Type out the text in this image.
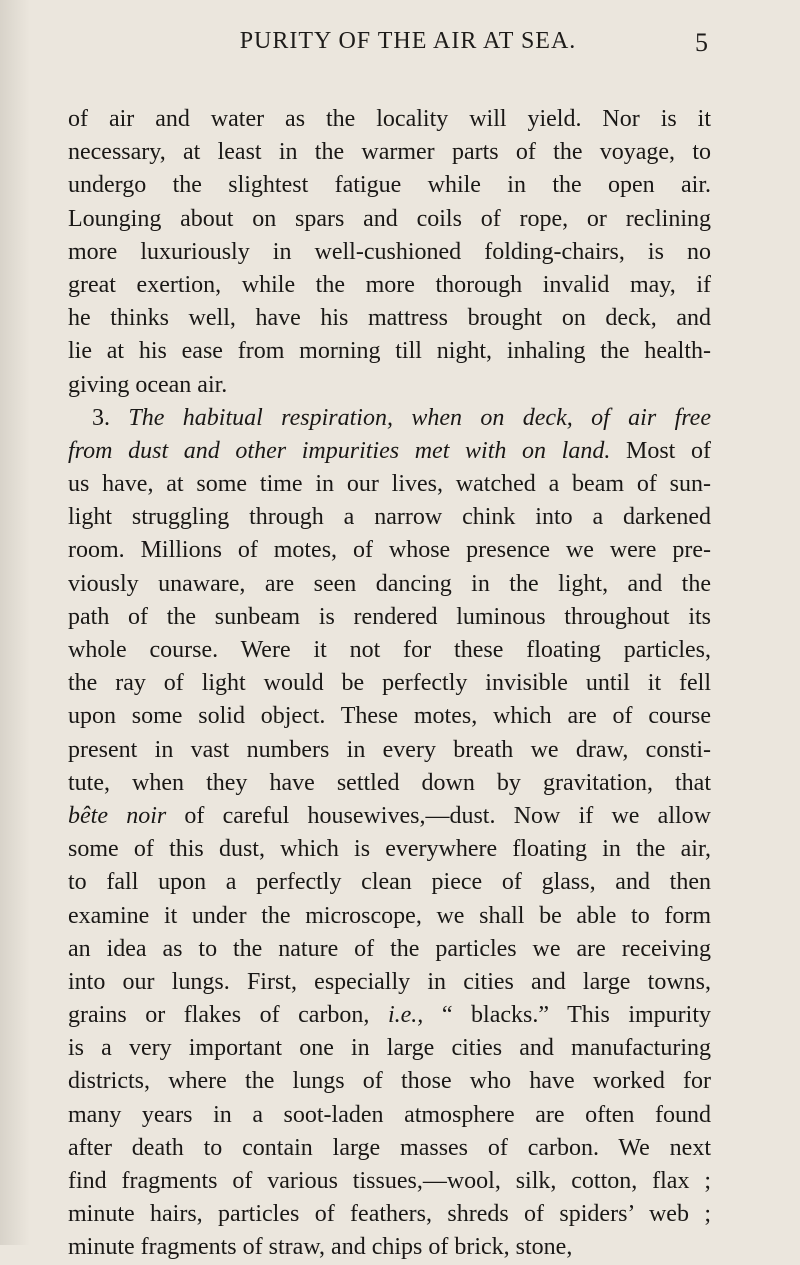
PURITY OF THE AIR AT SEA.	5
of air and water as the locality will yield. Nor is it
necessary, at least in the warmer parts of the voyage, to
undergo the slightest fatigue while in the open air.
Lounging about on spars and coils of rope, or reclining
more luxuriously in well-cushioned folding-chairs, is no
great exertion, while the more thorough invalid may, if
he thinks well, have his mattress brought on deck, and
lie at his ease from morning till night, inhaling the health-
giving ocean air.
3. The habitual respiration, when on deck, of air free
from dust and other impurities met with on land. Most of
us have, at some time in our lives, watched a beam of sun-
light struggling through a narrow chink into a darkened
room. Millions of motes, of whose presence we were pre-
viously unaware, are seen dancing in the light, and the
path of the sunbeam is rendered luminous throughout its
whole course. Were it not for these floating particles,
the ray of light would be perfectly invisible until it fell
upon some solid object. These motes, which are of course
present in vast numbers in every breath we draw, consti-
tute, when they have settled down by gravitation, that
bête noir of careful housewives,—dust. Now if we allow
some of this dust, which is everywhere floating in the air,
to fall upon a perfectly clean piece of glass, and then
examine it under the microscope, we shall be able to form
an idea as to the nature of the particles we are receiving
into our lungs. First, especially in cities and large towns,
grains or flakes of carbon, i.e., “ blacks.” This impurity
is a very important one in large cities and manufacturing
districts, where the lungs of those who have worked for
many years in a soot-laden atmosphere are often found
after death to contain large masses of carbon. We next
find fragments of various tissues,—wool, silk, cotton, flax ;
minute hairs, particles of feathers, shreds of spiders’ web ;
minute fragments of straw, and chips of brick, stone,
